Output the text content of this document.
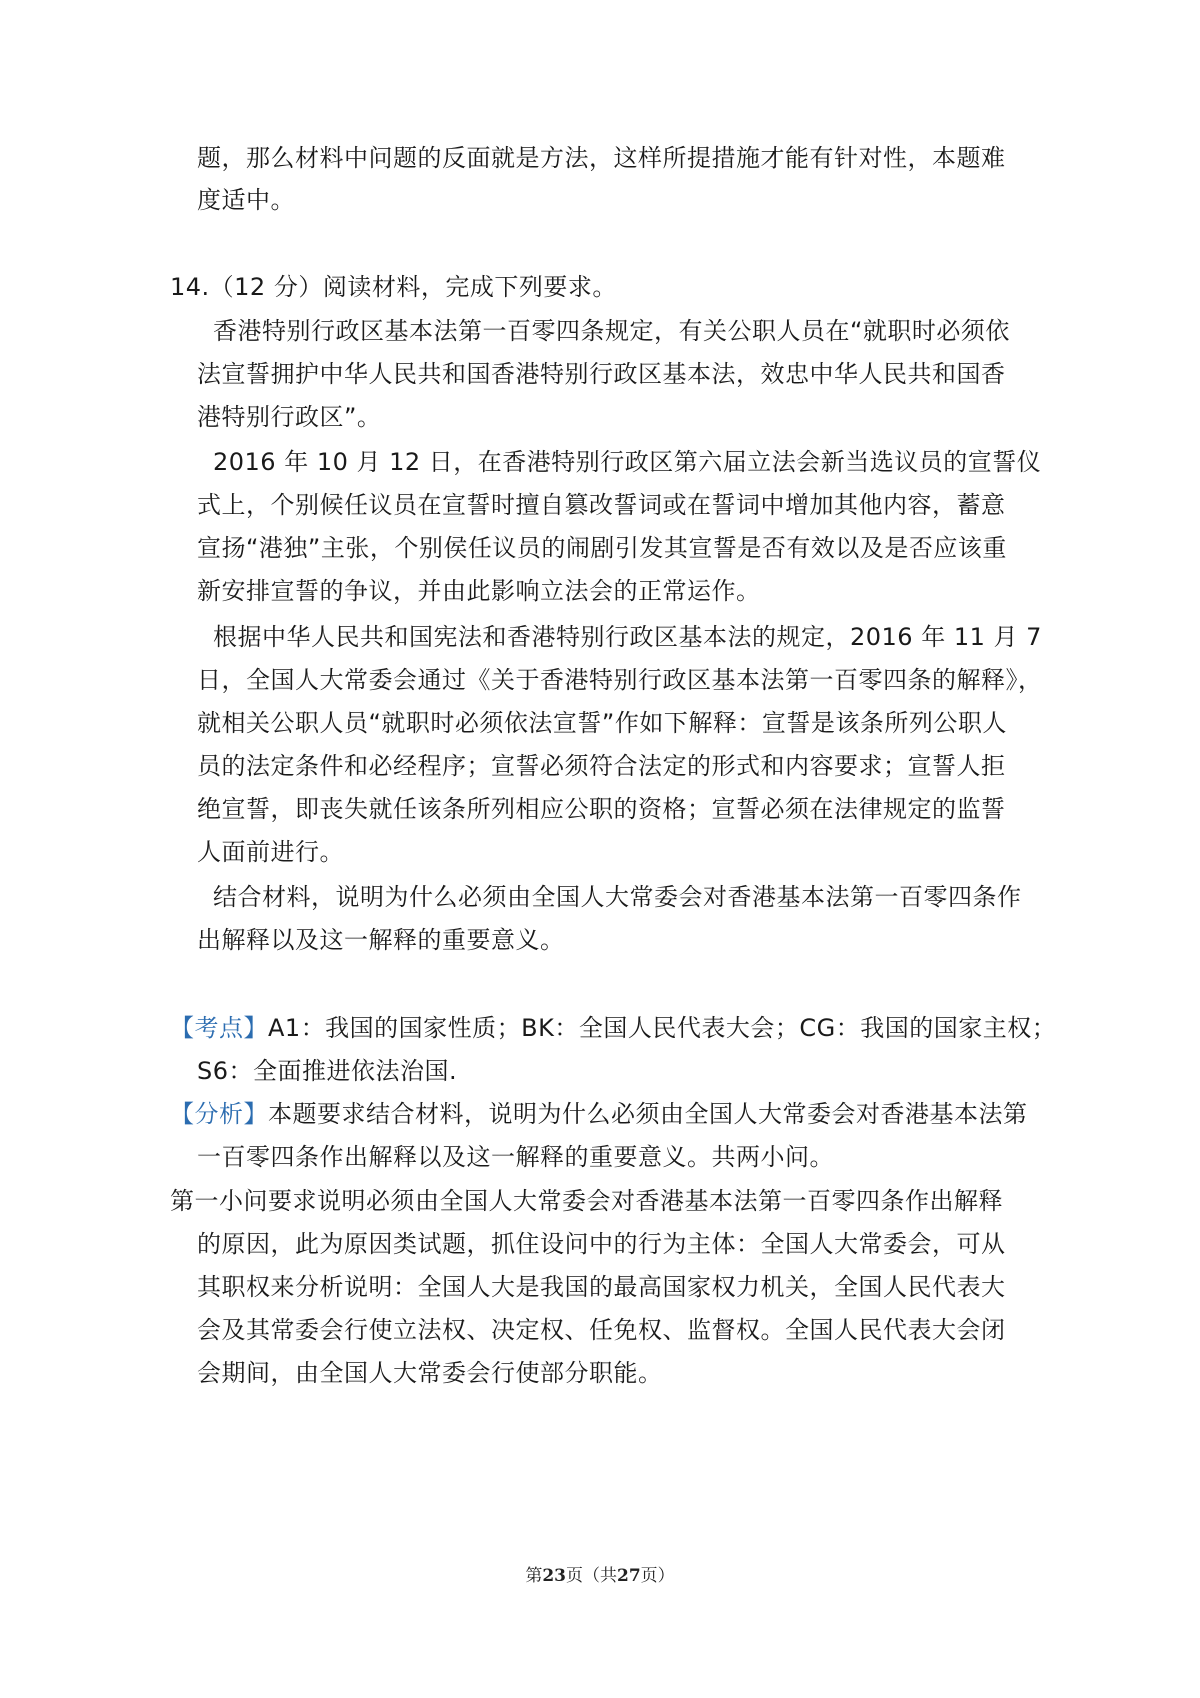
题，那么材料中问题的反面就是方法，这样所提措施才能有针对性，本题难
度适中。
14.（12 分）阅读材料，完成下列要求。
香港特别行政区基本法第一百零四条规定，有关公职人员在“就职时必须依
法宣誓拥护中华人民共和国香港特别行政区基本法，效忠中华人民共和国香
港特别行政区”。
2016 年 10 月 12 日，在香港特别行政区第六届立法会新当选议员的宣誓仪
式上，个别候任议员在宣誓时擅自篡改誓词或在誓词中增加其他内容，蓄意
宣扬“港独”主张，个别侯任议员的闹剧引发其宣誓是否有效以及是否应该重
新安排宣誓的争议，并由此影响立法会的正常运作。
根据中华人民共和国宪法和香港特别行政区基本法的规定，2016 年 11 月 7
日，全国人大常委会通过《关于香港特别行政区基本法第一百零四条的解释》，
就相关公职人员“就职时必须依法宣誓”作如下解释：宣誓是该条所列公职人
员的法定条件和必经程序；宣誓必须符合法定的形式和内容要求；宣誓人拒
绝宣誓，即丧失就任该条所列相应公职的资格；宣誓必须在法律规定的监誓
人面前进行。
结合材料，说明为什么必须由全国人大常委会对香港基本法第一百零四条作
出解释以及这一解释的重要意义。
【考点】A1：我国的国家性质；BK：全国人民代表大会；CG：我国的国家主权；
S6：全面推进依法治国.
【分析】本题要求结合材料，说明为什么必须由全国人大常委会对香港基本法第
一百零四条作出解释以及这一解释的重要意义。共两小问。
第一小问要求说明必须由全国人大常委会对香港基本法第一百零四条作出解释
的原因，此为原因类试题，抓住设问中的行为主体：全国人大常委会，可从
其职权来分析说明：全国人大是我国的最高国家权力机关，全国人民代表大
会及其常委会行使立法权、决定权、任免权、监督权。全国人民代表大会闭
会期间，由全国人大常委会行使部分职能。
第23页（共27页）
